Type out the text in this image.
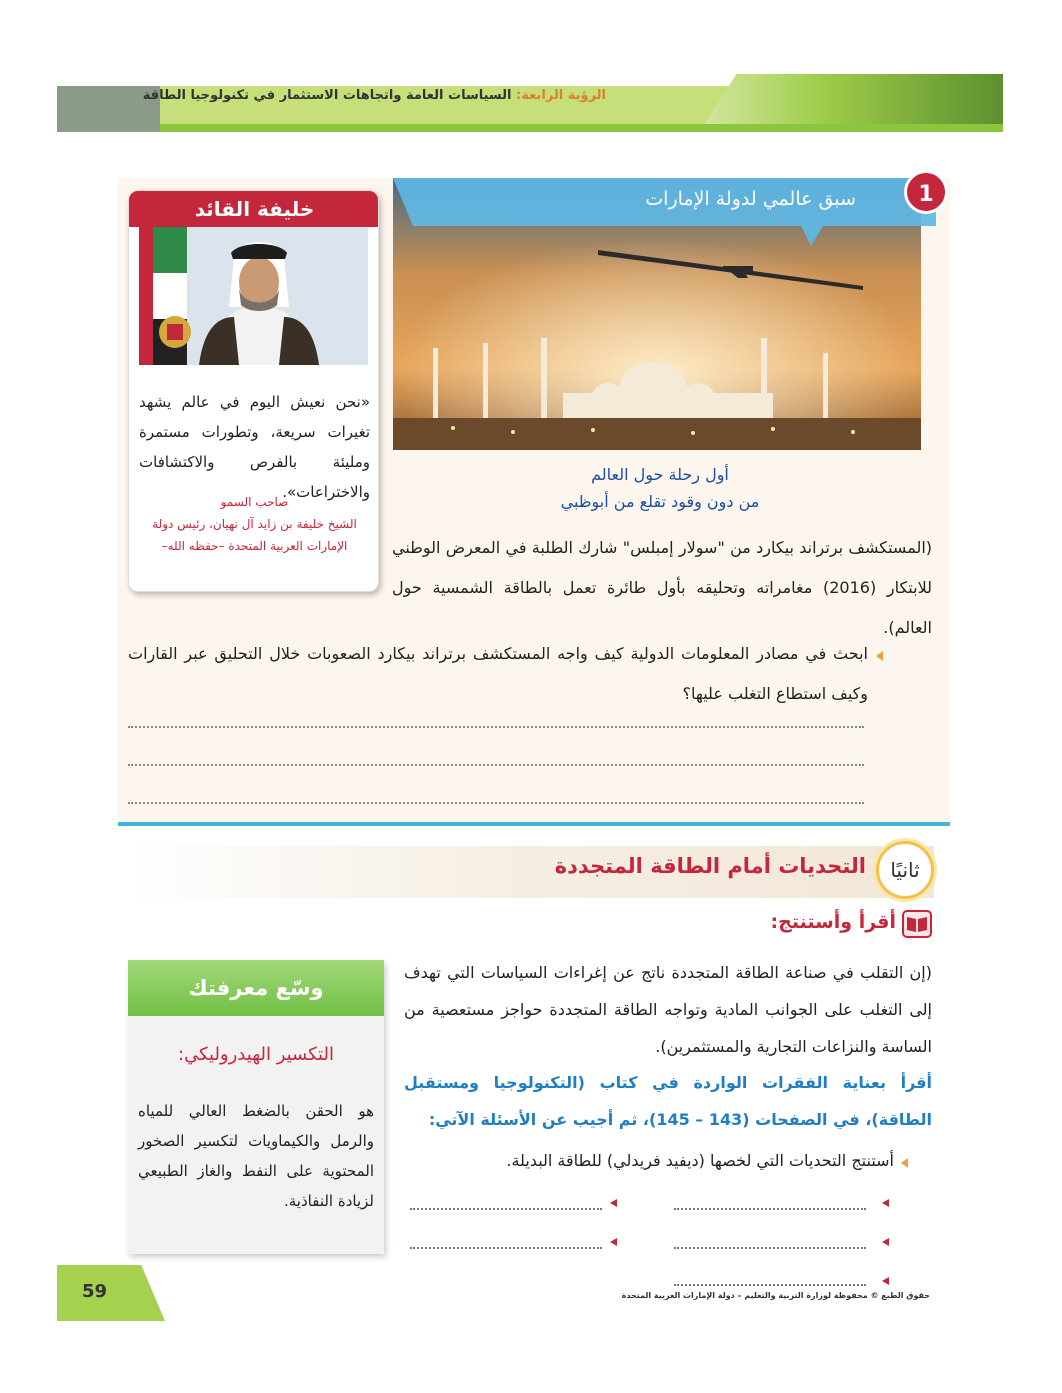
الرؤية الرابعة: السياسات العامة واتجاهات الاستثمار في تكنولوجيا الطاقة
1
سبق عالمي لدولة الإمارات
أول رحلة حول العالم
من دون وقود تقلع من أبوظبي
خليفة القائد
«نحن نعيش اليوم في عالم يشهد تغيرات سريعة، وتطورات مستمرة ومليئة بالفرص والاكتشافات والاختراعات».
صاحب السمو
الشيخ خليفة بن زايد آل نهيان، رئيس دولة الإمارات العربية المتحدة –حفظه الله–	(المستكشف برتراند بيكارد من "سولار إمبلس" شارك الطلبة في المعرض الوطني للابتكار (2016) مغامراته وتحليقه بأول طائرة تعمل بالطاقة الشمسية حول العالم).
ابحث في مصادر المعلومات الدولية كيف واجه المستكشف برتراند بيكارد الصعوبات خلال التحليق عبر القارات وكيف استطاع التغلب عليها؟
ثانيًا
التحديات أمام الطاقة المتجددة
أقرأ وأستنتج:
(إن التقلب في صناعة الطاقة المتجددة ناتج عن إغراءات السياسات التي تهدف إلى التغلب على الجوانب المادية وتواجه الطاقة المتجددة حواجز مستعصية من الساسة والنزاعات التجارية والمستثمرين).
أقرأ بعناية الفقرات الواردة في كتاب (التكنولوجيا ومستقبل الطاقة)، في الصفحات (143 – 145)، ثم أجيب عن الأسئلة الآتي:
أستنتج التحديات التي لخصها (ديفيد فريدلي) للطاقة البديلة.
وسّع معرفتك
التكسير الهيدروليكي:
هو الحقن بالضغط العالي للمياه والرمل والكيماويات لتكسير الصخور المحتوية على النفط والغاز الطبيعي لزيادة النفاذية.
59	حقوق الطبع © محفوظة لوزارة التربية والتعليم – دولة الإمارات العربية المتحدة
